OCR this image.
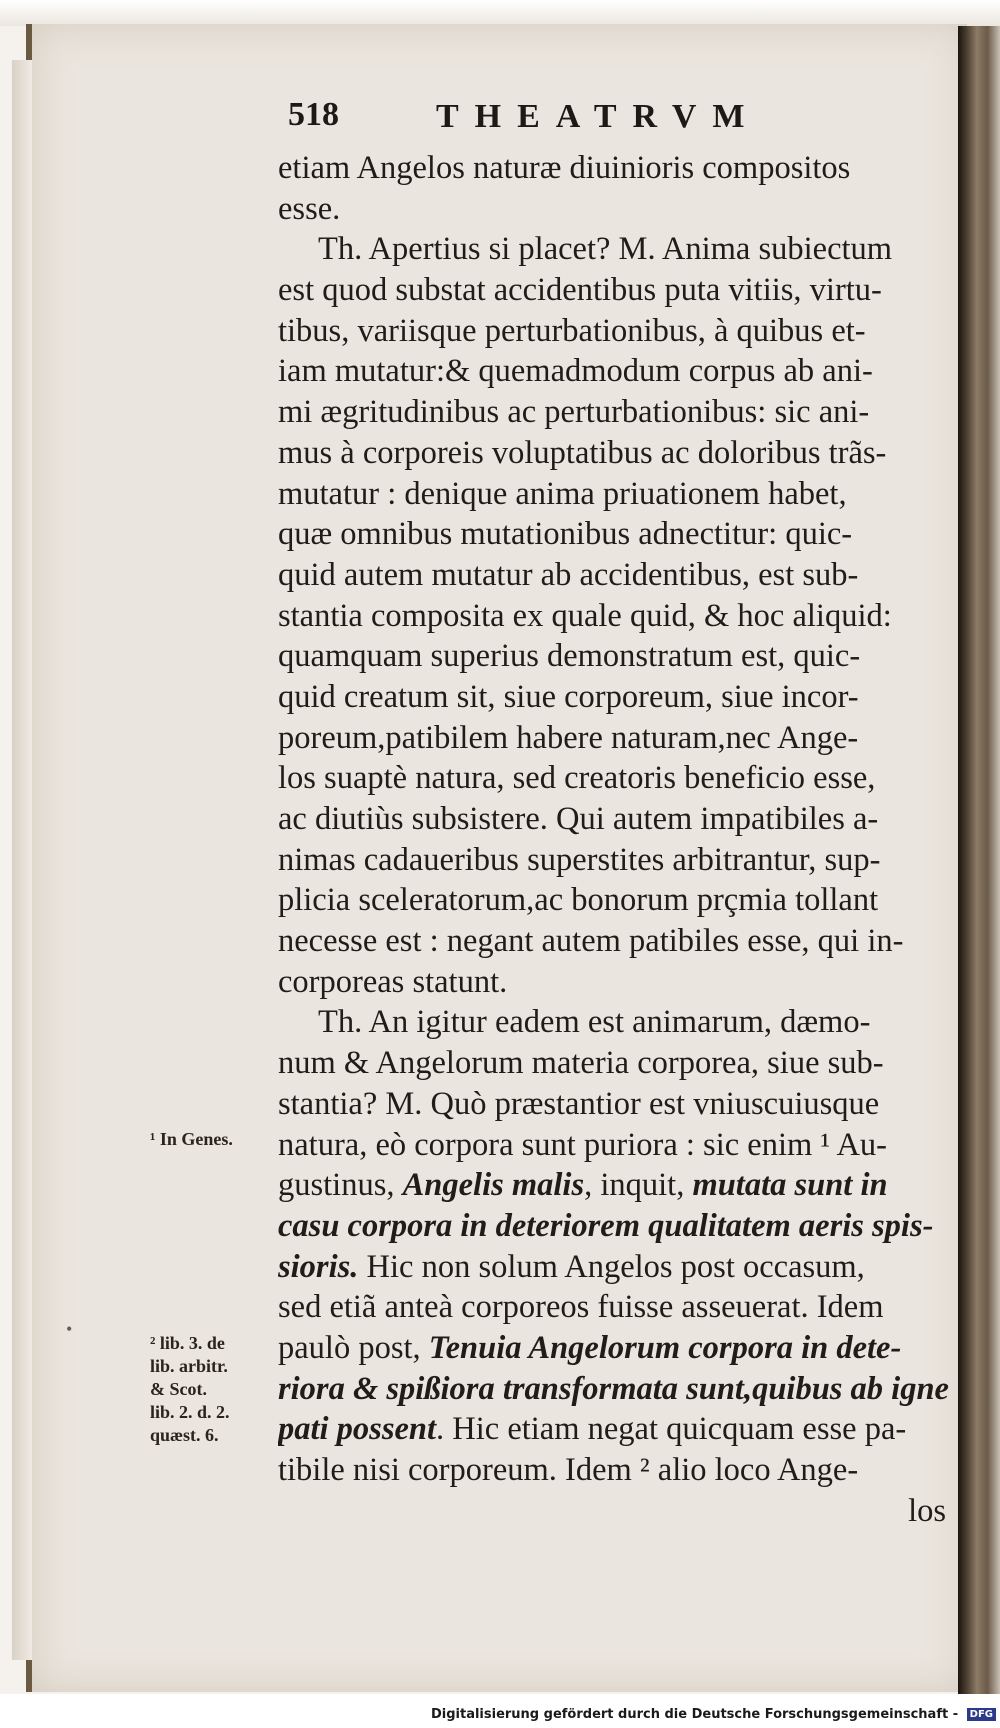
518	THEATRVM
etiam Angelos naturæ diuinioris compositos
esse.
Th. Apertius si placet? M. Anima subiectum
est quod substat accidentibus puta vitiis, virtu-
tibus, variisque perturbationibus, à quibus et-
iam mutatur:& quemadmodum corpus ab ani-
mi ægritudinibus ac perturbationibus: sic ani-
mus à corporeis voluptatibus ac doloribus trãs-
mutatur : denique anima priuationem habet,
quæ omnibus mutationibus adnectitur: quic-
quid autem mutatur ab accidentibus, est sub-
stantia composita ex quale quid, & hoc aliquid:
quamquam superius demonstratum est, quic-
quid creatum sit, siue corporeum, siue incor-
poreum,patibilem habere naturam,nec Ange-
los suaptè natura, sed creatoris beneficio esse,
ac diutiùs subsistere. Qui autem impatibiles a-
nimas cadaueribus superstites arbitrantur, sup-
plicia sceleratorum,ac bonorum prçmia tollant
necesse est : negant autem patibiles esse, qui in-
corporeas statunt.
Th. An igitur eadem est animarum, dæmo-
num & Angelorum materia corporea, siue sub-
stantia? M. Quò præstantior est vniuscuiusque
natura, eò corpora sunt puriora : sic enim ¹ Au-
gustinus, Angelis malis, inquit, mutata sunt in
casu corpora in deteriorem qualitatem aeris spis-
sioris. Hic non solum Angelos post occasum,
sed etiã anteà corporeos fuisse asseuerat. Idem
paulò post, Tenuia Angelorum corpora in dete-
riora & spißiora transformata sunt,quibus ab igne
pati possent. Hic etiam negat quicquam esse pa-
tibile nisi corporeum. Idem ² alio loco Ange-
los
¹ In Genes.
² lib. 3. de
lib. arbitr.
& Scot.
lib. 2. d. 2.
quæst. 6.
•
Digitalisierung gefördert durch die Deutsche Forschungsgemeinschaft - DFG
